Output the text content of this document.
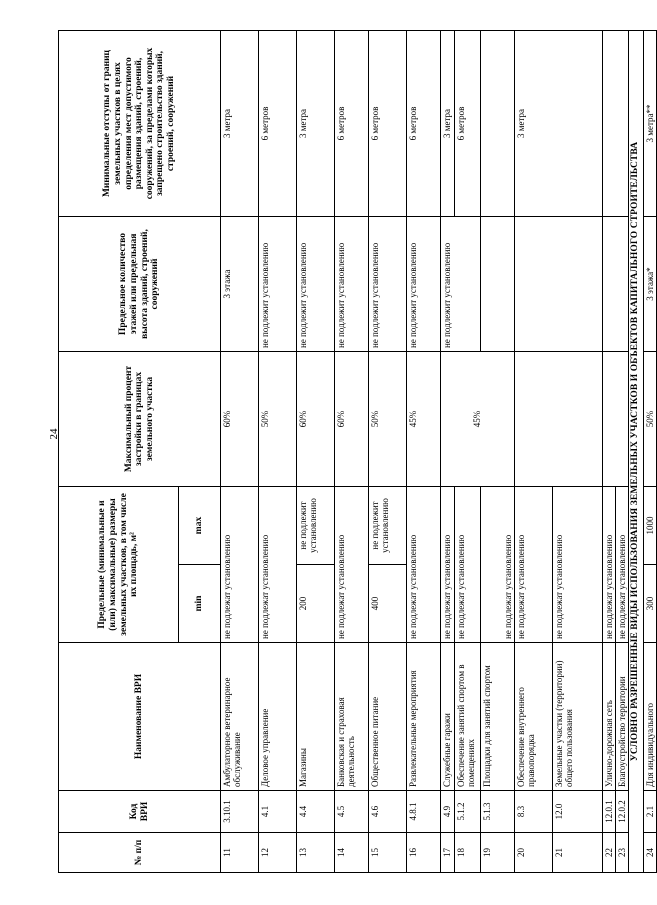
24
№ п/п	Код ВРИ	Наименование ВРИ	Предельные (минимальные и (или) максимальные) размеры земельных участков, в том числе их площадь, м²		Максимальный процент застройки в границах земельного участка	Предельное количество этажей или предельная высота зданий, строений, сооружений	Минимальные отступы от границ земельных участков в целях определения мест допустимого размещения зданий, строений, сооружений, за пределами которых запрещено строительство зданий, строений, сооружений
			min	max			
11	3.10.1	Амбулаторное ветеринарное обслуживание	не подлежат установлению		60%	3 этажа	3 метра
12	4.1	Деловое управление	не подлежат установлению		50%	не подлежит установлению	6 метров
13	4.4	Магазины	200	не подлежит установлению	60%	не подлежит установлению	3 метра
14	4.5	Банковская и страховая деятельность	не подлежат установлению		60%	не подлежит установлению	6 метров
15	4.6	Общественное питание	400	не подлежит установлению	50%	не подлежит установлению	6 метров
16	4.8.1	Развлекательные мероприятия	не подлежат установлению		45%	не подлежит установлению	6 метров
17	4.9	Служебные гаражи	не подлежат установлению		45%	не подлежит установлению	3 метра
18	5.1.2	Обеспечение занятий спортом в помещениях	не подлежат установлению				6 метров
19	5.1.3	Площадки для занятий спортом	не подлежат установлению				
20	8.3	Обеспечение внутреннего правопорядка	не подлежат установлению				3 метра
21	12.0	Земельные участки (территории) общего пользования	не подлежат установлению				
22	12.0.1	Улично-дорожная сеть	не подлежат установлению				
23	12.0.2	Благоустройство территории	не подлежат установлению				
УСЛОВНО РАЗРЕШЕННЫЕ ВИДЫ ИСПОЛЬЗОВАНИЯ ЗЕМЕЛЬНЫХ УЧАСТКОВ И ОБЪЕКТОВ КАПИТАЛЬНОГО СТРОИТЕЛЬСТВА							
24	2.1	Для индивидуального	300	1000	50%	3 этажа*	3 метра**
